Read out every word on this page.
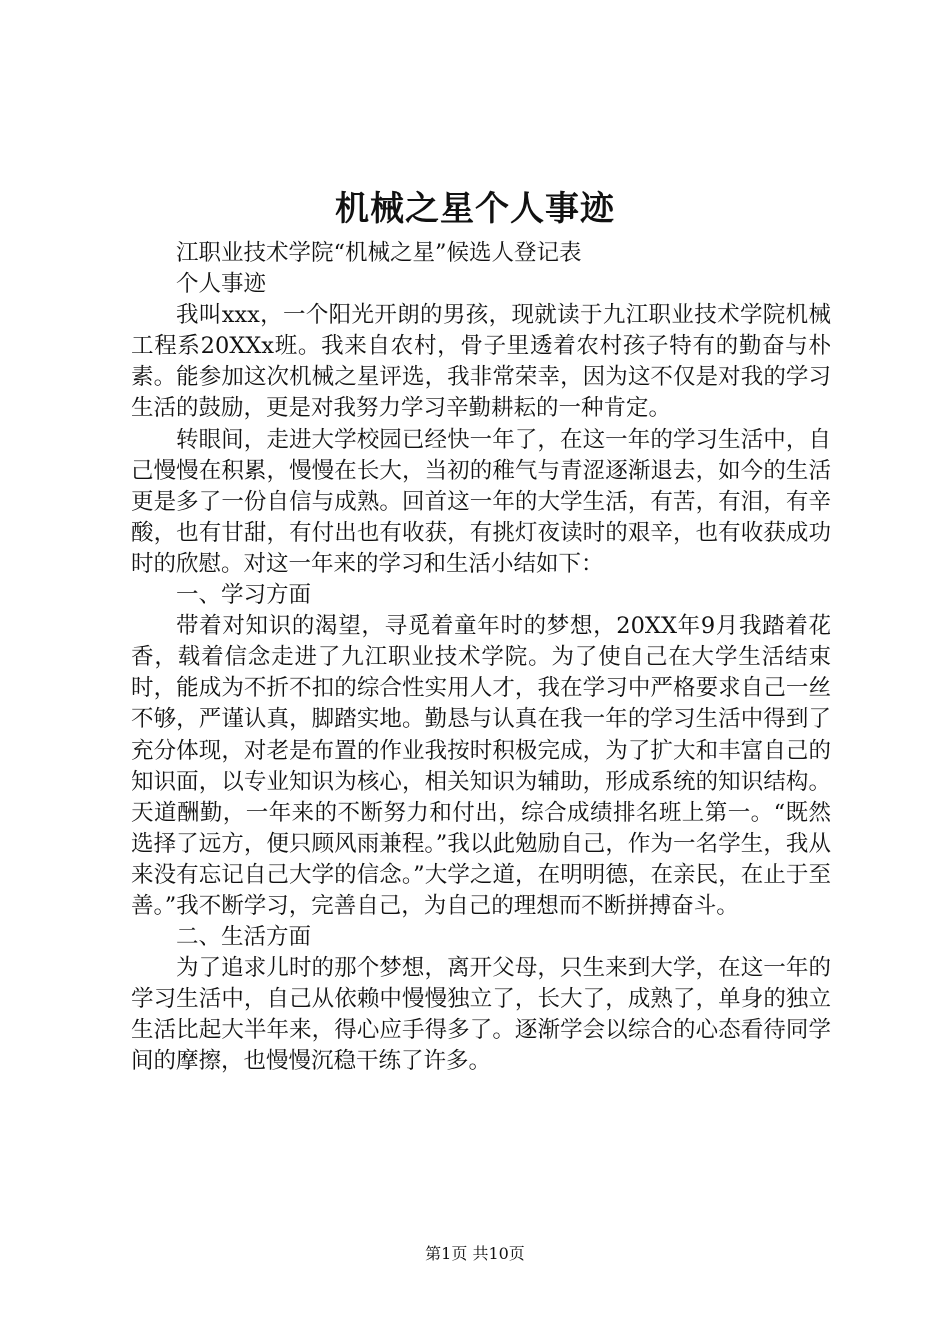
机械之星个人事迹

江职业技术学院“机械之星”候选人登记表

个人事迹

我叫xxx，一个阳光开朗的男孩，现就读于九江职业技术学院机械工程系20XXx班。我来自农村，骨子里透着农村孩子特有的勤奋与朴素。能参加这次机械之星评选，我非常荣幸，因为这不仅是对我的学习生活的鼓励，更是对我努力学习辛勤耕耘的一种肯定。

转眼间，走进大学校园已经快一年了，在这一年的学习生活中，自己慢慢在积累，慢慢在长大，当初的稚气与青涩逐渐退去，如今的生活更是多了一份自信与成熟。回首这一年的大学生活，有苦，有泪，有辛酸，也有甘甜，有付出也有收获，有挑灯夜读时的艰辛，也有收获成功时的欣慰。对这一年来的学习和生活小结如下：

一、学习方面

带着对知识的渴望，寻觅着童年时的梦想，20XX年9月我踏着花香，载着信念走进了九江职业技术学院。为了使自己在大学生活结束时，能成为不折不扣的综合性实用人才，我在学习中严格要求自己一丝不够，严谨认真，脚踏实地。勤恳与认真在我一年的学习生活中得到了充分体现，对老是布置的作业我按时积极完成，为了扩大和丰富自己的知识面，以专业知识为核心，相关知识为辅助，形成系统的知识结构。天道酬勤，一年来的不断努力和付出，综合成绩排名班上第一。“既然选择了远方，便只顾风雨兼程。”我以此勉励自己，作为一名学生，我从来没有忘记自己大学的信念。”大学之道，在明明德，在亲民，在止于至善。”我不断学习，完善自己，为自己的理想而不断拼搏奋斗。

二、生活方面

为了追求儿时的那个梦想，离开父母，只生来到大学，在这一年的学习生活中，自己从依赖中慢慢独立了，长大了，成熟了，单身的独立生活比起大半年来，得心应手得多了。逐渐学会以综合的心态看待同学间的摩擦，也慢慢沉稳干练了许多。

第1页 共10页
